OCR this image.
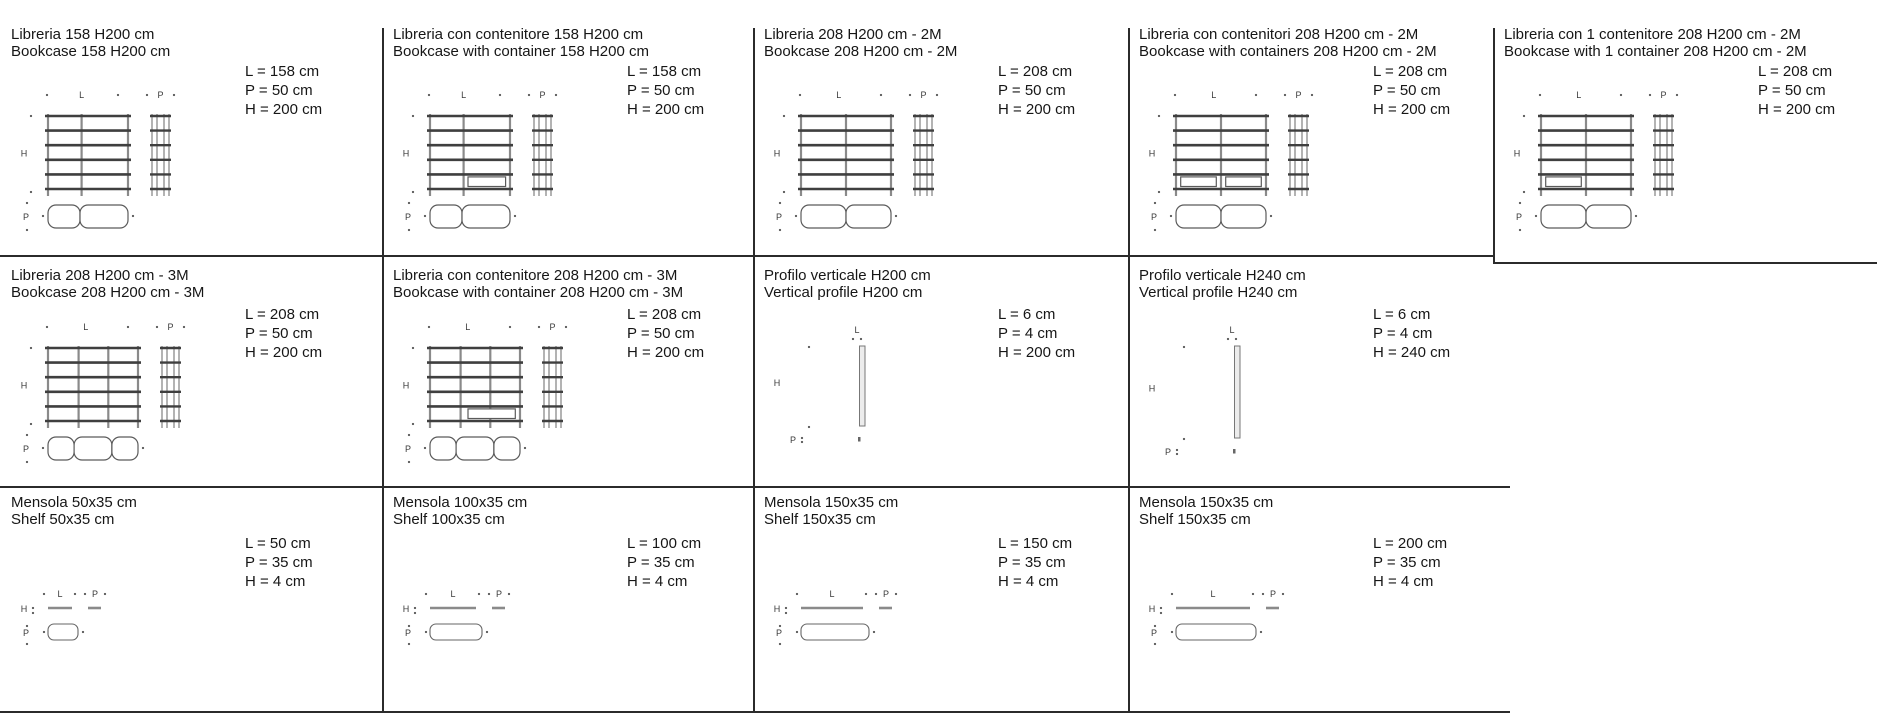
Libreria 158 H200 cm
Bookcase 158 H200 cm
L = 158 cm
P = 50 cm
H = 200 cm
L	P
H
P
Libreria con contenitore 158 H200 cm
Bookcase with container 158 H200 cm
L = 158 cm
P = 50 cm
H = 200 cm
L	P
H
P
Libreria 208 H200 cm - 2M
Bookcase 208 H200 cm - 2M
L = 208 cm
P = 50 cm
H = 200 cm
L	P
H
P
Libreria con contenitori 208 H200 cm - 2M
Bookcase with containers 208 H200 cm - 2M
L = 208 cm
P = 50 cm
H = 200 cm
L	P
H
P
Libreria con 1 contenitore 208 H200 cm - 2M
Bookcase with 1 container 208 H200 cm - 2M
L = 208 cm
P = 50 cm
H = 200 cm
L	P
H
P
Libreria 208 H200 cm - 3M
Bookcase 208 H200 cm - 3M
L = 208 cm
P = 50 cm
H = 200 cm
L	P
H
P
Libreria con contenitore 208 H200 cm - 3M
Bookcase with container 208 H200 cm - 3M
L = 208 cm
P = 50 cm
H = 200 cm
L	P
H
P
Profilo verticale H200 cm
Vertical profile H200 cm
L = 6 cm
P = 4 cm
H = 200 cm
L
H
P
Profilo verticale H240 cm
Vertical profile H240 cm
L = 6 cm
P = 4 cm
H = 240 cm
L
H
P
Mensola 50x35 cm
Shelf 50x35 cm
L = 50 cm
P = 35 cm
H = 4 cm
L	P
H
P
Mensola 100x35 cm
Shelf 100x35 cm
L = 100 cm
P = 35 cm
H = 4 cm
L	P
H
P
Mensola 150x35 cm
Shelf 150x35 cm
L = 150 cm
P = 35 cm
H = 4 cm
L	P
H
P
Mensola 150x35 cm
Shelf 150x35 cm
L = 200 cm
P = 35 cm
H = 4 cm
L	P
H
P
